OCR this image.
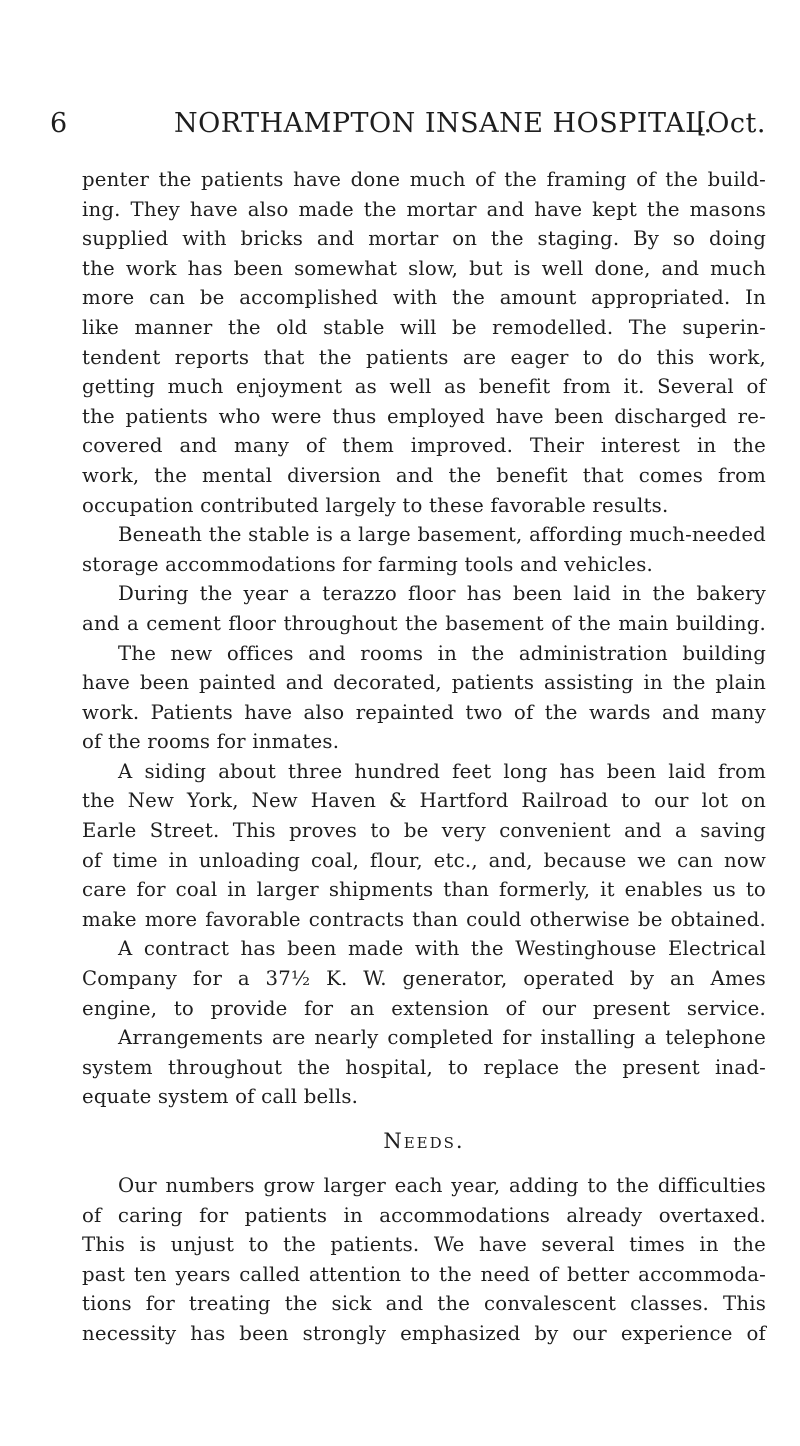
6	NORTHAMPTON INSANE HOSPITAL.
[Oct.
penter the patients have done much of the framing of the build-
ing. They have also made the mortar and have kept the masons
supplied with bricks and mortar on the staging. By so doing
the work has been somewhat slow, but is well done, and much
more can be accomplished with the amount appropriated. In
like manner the old stable will be remodelled. The superin-
tendent reports that the patients are eager to do this work,
getting much enjoyment as well as benefit from it. Several of
the patients who were thus employed have been discharged re-
covered and many of them improved. Their interest in the
work, the mental diversion and the benefit that comes from
occupation contributed largely to these favorable results.
Beneath the stable is a large basement, affording much-needed
storage accommodations for farming tools and vehicles.
During the year a terazzo floor has been laid in the bakery
and a cement floor throughout the basement of the main building.
The new offices and rooms in the administration building
have been painted and decorated, patients assisting in the plain
work. Patients have also repainted two of the wards and many
of the rooms for inmates.
A siding about three hundred feet long has been laid from
the New York, New Haven & Hartford Railroad to our lot on
Earle Street. This proves to be very convenient and a saving
of time in unloading coal, flour, etc., and, because we can now
care for coal in larger shipments than formerly, it enables us to
make more favorable contracts than could otherwise be obtained.
A contract has been made with the Westinghouse Electrical
Company for a 37½ K. W. generator, operated by an Ames
engine, to provide for an extension of our present service.
Arrangements are nearly completed for installing a telephone
system throughout the hospital, to replace the present inad-
equate system of call bells.
Needs.
Our numbers grow larger each year, adding to the difficulties
of caring for patients in accommodations already overtaxed.
This is unjust to the patients. We have several times in the
past ten years called attention to the need of better accommoda-
tions for treating the sick and the convalescent classes. This
necessity has been strongly emphasized by our experience of
